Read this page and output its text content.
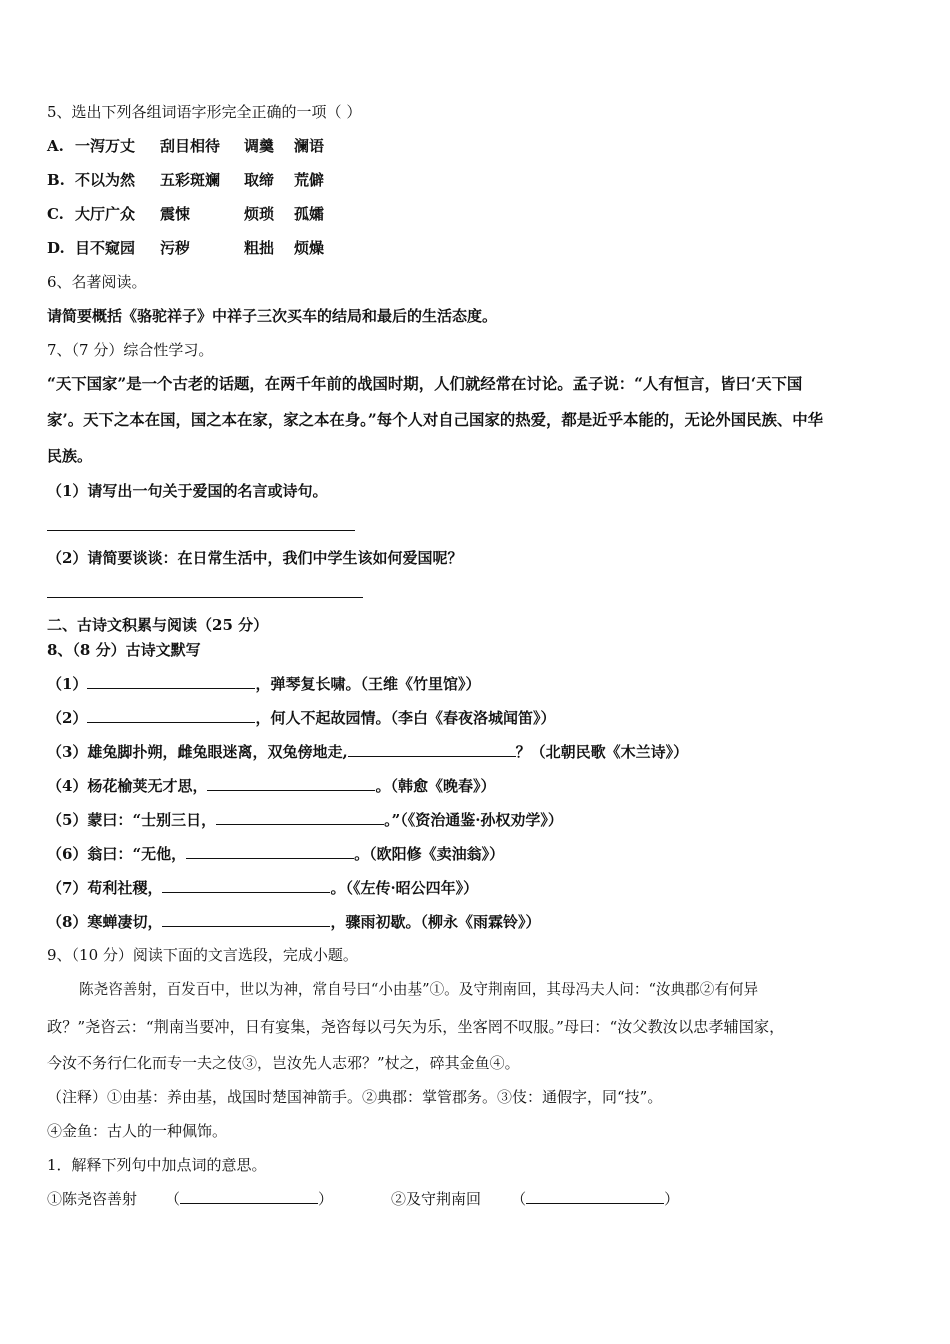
5、选出下列各组词语字形完全正确的一项（ ）
A. 一泻万丈 刮目相待 调羹 澜语
B. 不以为然 五彩斑斓 取缔 荒僻
C. 大厅广众 震悚	烦琐 孤孀
D. 目不窥园 污秽	粗拙 烦燥
6、名著阅读。
请简要概括《骆驼祥子》中祥子三次买车的结局和最后的生活态度。
7、（7 分）综合性学习。
“天下国家”是一个古老的话题，在两千年前的战国时期，人们就经常在讨论。孟子说：“人有恒言，皆曰‘天下国
家’。天下之本在国，国之本在家，家之本在身。”每个人对自己国家的热爱，都是近乎本能的，无论外国民族、中华
民族。
（1）请写出一句关于爱国的名言或诗句。
（2）请简要谈谈：在日常生活中，我们中学生该如何爱国呢？
二、古诗文积累与阅读（25 分）
8、（8 分）古诗文默写
（1）	，弹琴复长啸。（王维《竹里馆》）
（2）	，何人不起故园情。（李白《春夜洛城闻笛》）
（3）雄兔脚扑朔，雌兔眼迷离，双兔傍地走,	？（北朝民歌《木兰诗》）
（4）杨花榆荚无才思，	。（韩愈《晚春》）
（5）蒙曰：“士别三日，	。”（《资治通鉴·孙权劝学》）
（6）翁曰：“无他，	。（欧阳修《卖油翁》）
（7）苟利社稷，	。（《左传·昭公四年》）
（8）寒蝉凄切，	，骤雨初歇。（柳永《雨霖铃》）
9、（10 分）阅读下面的文言选段，完成小题。
陈尧咨善射，百发百中，世以为神，常自号曰“小由基”①。及守荆南回，其母冯夫人问：“汝典郡②有何异
政？”尧咨云：“荆南当要冲，日有宴集，尧咨每以弓矢为乐，坐客罔不叹服。”母曰：“汝父教汝以忠孝辅国家，
今汝不务行仁化而专一夫之伎③，岂汝先人志邪？”杖之，碎其金鱼④。
（注释）①由基：养由基，战国时楚国神箭手。②典郡：掌管郡务。③伎：通假字，同“技”。
④金鱼：古人的一种佩饰。
1．解释下列句中加点词的意思。
①陈尧咨善射 （	）	②及守荆南回 （	）
